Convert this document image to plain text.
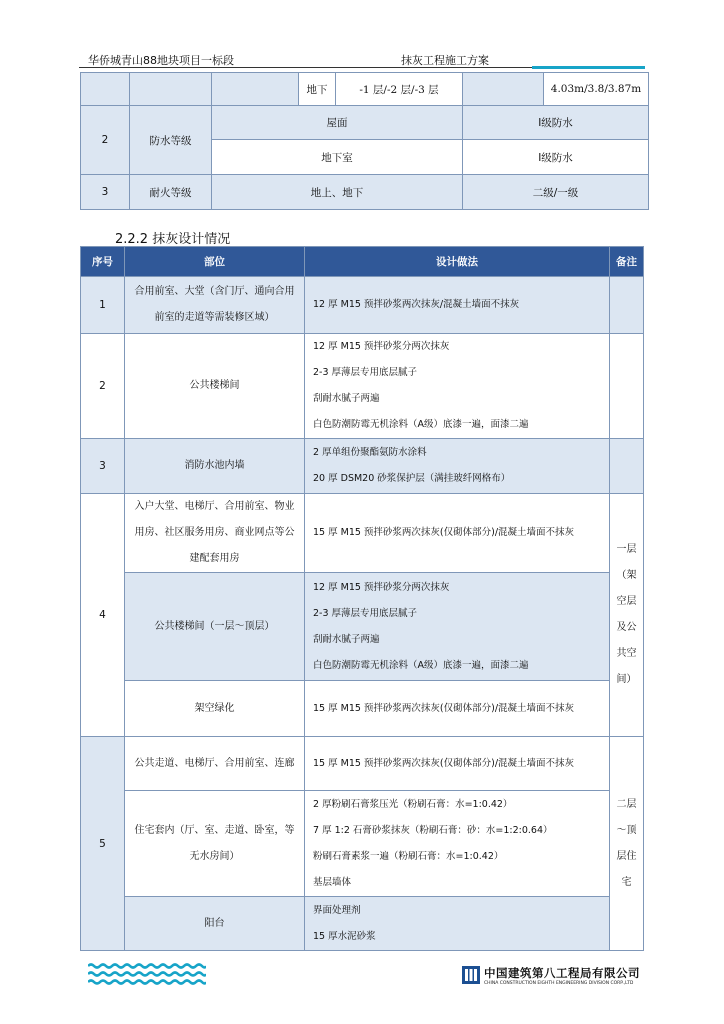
华侨城青山88地块项目一标段	抹灰工程施工方案
			地下	-1 层/-2 层/-3 层		4.03m/3.8/3.87m
2	防水等级	屋面			I级防水	
		地下室			I级防水	
3	耐火等级	地上、地下			二级/一级	
2.2.2 抹灰设计情况
序号	部位	设计做法	备注
1	合用前室、大堂（含门厅、通向合用前室的走道等需装修区域）	12 厚 M15 预拌砂浆两次抹灰/混凝土墙面不抹灰	

2	公共楼梯间	12 厚 M15 预拌砂浆分两次抹灰
2-3 厚薄层专用底层腻子
刮耐水腻子两遍
白色防潮防霉无机涂料（A级）底漆一遍，面漆二遍	

3	消防水池内墙	2 厚单组份聚酯氨防水涂料
20 厚 DSM20 砂浆保护层（满挂玻纤网格布）	

4	入户大堂、电梯厅、合用前室、物业用房、社区服务用房、商业网点等公建配套用房	15 厚 M15 预拌砂浆两次抹灰(仅砌体部分)/混凝土墙面不抹灰	一层（架空层及公共空间）
	公共楼梯间（一层～顶层）	12 厚 M15 预拌砂浆分两次抹灰
2-3 厚薄层专用底层腻子
刮耐水腻子两遍
白色防潮防霉无机涂料（A级）底漆一遍，面漆二遍	

	架空绿化	15 厚 M15 预拌砂浆两次抹灰(仅砌体部分)/混凝土墙面不抹灰	

5	公共走道、电梯厅、合用前室、连廊	15 厚 M15 预拌砂浆两次抹灰(仅砌体部分)/混凝土墙面不抹灰	二层～顶层住宅
	住宅套内（厅、室、走道、卧室，等无水房间）	2 厚粉刷石膏浆压光（粉刷石膏：水=1:0.42）
7 厚 1:2 石膏砂浆抹灰（粉刷石膏：砂：水=1:2:0.64）
粉刷石膏素浆一遍（粉刷石膏：水=1:0.42）
基层墙体	

	阳台	界面处理剂
15 厚水泥砂浆	
中国建筑第八工程局有限公司
CHINA CONSTRUCTION EIGHTH ENGINEERING DIVISION CORP.,LTD
